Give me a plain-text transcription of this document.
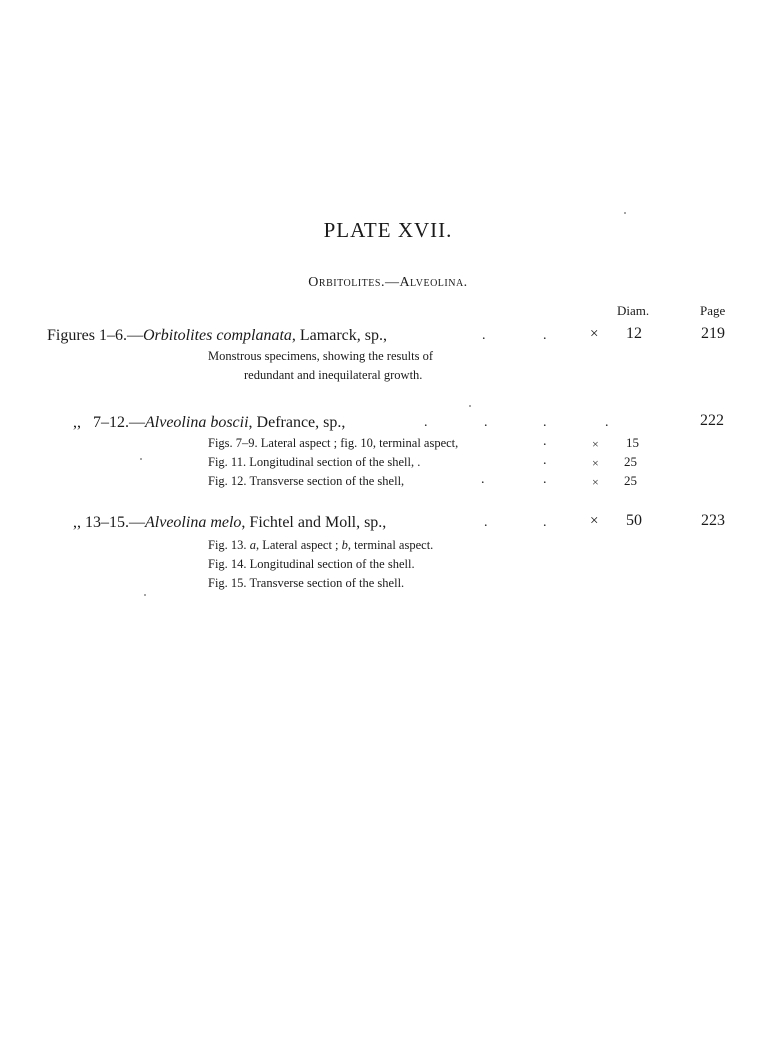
PLATE XVII.
Orbitolites.—Alveolina.
Diam.	Page
Figures 1–6.—Orbitolites complanata, Lamarck, sp.,	.	.	× 12	219
Monstrous specimens, showing the results of
redundant and inequilateral growth.
,,   7–12.—Alveolina boscii, Defrance, sp.,	.	.	.	.	222
Figs. 7–9. Lateral aspect ; fig. 10, terminal aspect,	.	× 15
Fig. 11. Longitudinal section of the shell, .	.	× 25
Fig. 12. Transverse section of the shell,	.	.	× 25
,, 13–15.—Alveolina melo, Fichtel and Moll, sp.,	.	.	× 50	223
Fig. 13. a, Lateral aspect ; b, terminal aspect.
Fig. 14. Longitudinal section of the shell.
Fig. 15. Transverse section of the shell.
